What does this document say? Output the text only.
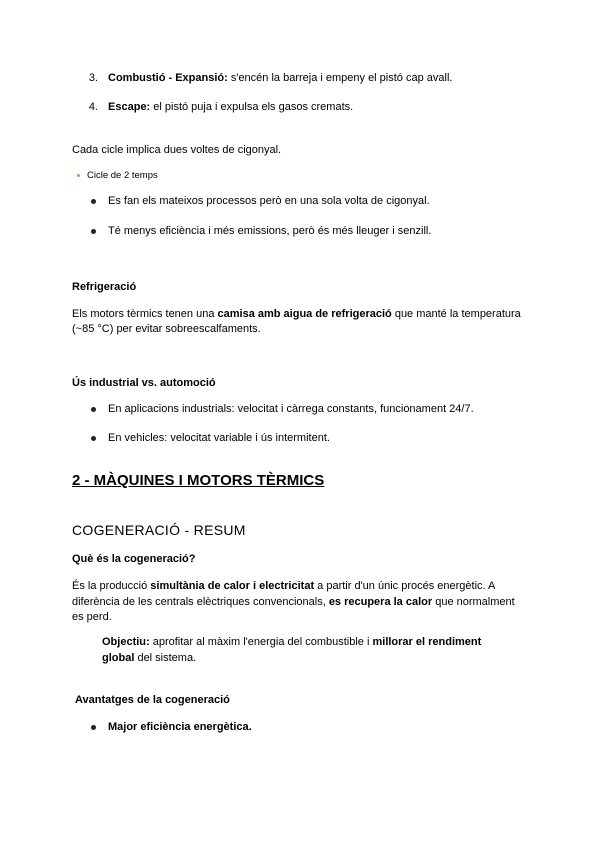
3. Combustió - Expansió: s'encén la barreja i empeny el pistó cap avall.
4. Escape: el pistó puja i expulsa els gasos cremats.
Cada cicle implica dues voltes de cigonyal.
Cicle de 2 temps
Es fan els mateixos processos però en una sola volta de cigonyal.
Té menys eficiència i més emissions, però és més lleuger i senzill.
Refrigeració
Els motors tèrmics tenen una camisa amb aigua de refrigeració que manté la temperatura
(~85 °C) per evitar sobreescalfaments.
Ús industrial vs. automoció
En aplicacions industrials: velocitat i càrrega constants, funcionament 24/7.
En vehicles: velocitat variable i ús intermitent.
2 - MÀQUINES I MOTORS TÈRMICS
COGENERACIÓ - RESUM
Què és la cogeneració?
És la producció simultània de calor i electricitat a partir d'un únic procés energètic. A
diferència de les centrals elèctriques convencionals, es recupera la calor que normalment
es perd.
Objectiu: aprofitar al màxim l'energia del combustible i millorar el rendiment
global del sistema.
Avantatges de la cogeneració
Major eficiència energètica.
